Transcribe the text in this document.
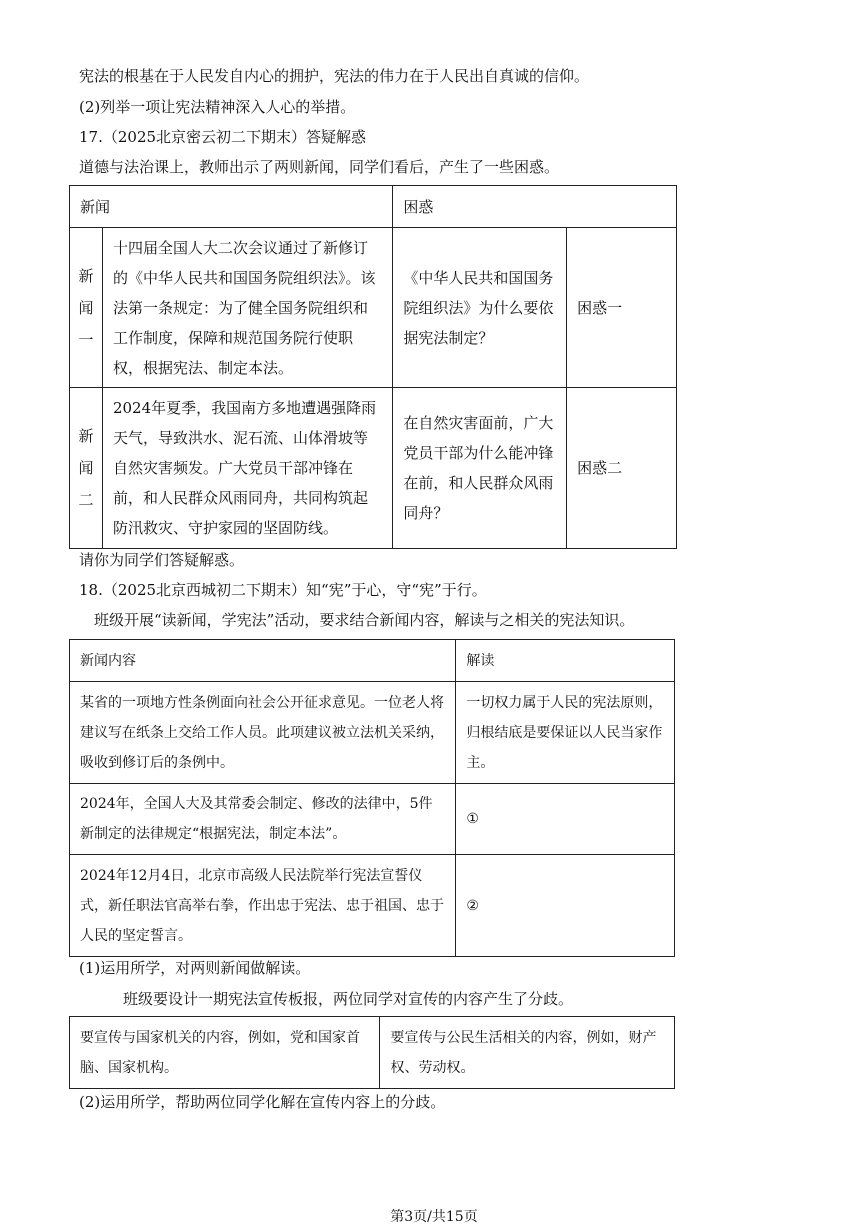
宪法的根基在于人民发自内心的拥护，宪法的伟力在于人民出自真诚的信仰。
(2)列举一项让宪法精神深入人心的举措。
17.（2025北京密云初二下期末）答疑解惑
道德与法治课上，教师出示了两则新闻，同学们看后，产生了一些困惑。
新闻		困惑	
新闻一	十四届全国人大二次会议通过了新修订的《中华人民共和国国务院组织法》。该法第一条规定：为了健全国务院组织和工作制度，保障和规范国务院行使职权，根据宪法、制定本法。	《中华人民共和国国务院组织法》为什么要依据宪法制定？	困惑一
新闻二	2024年夏季，我国南方多地遭遇强降雨天气，导致洪水、泥石流、山体滑坡等自然灾害频发。广大党员干部冲锋在前，和人民群众风雨同舟，共同构筑起防汛救灾、守护家园的坚固防线。	在自然灾害面前，广大党员干部为什么能冲锋在前，和人民群众风雨同舟？	困惑二
请你为同学们答疑解惑。
18.（2025北京西城初二下期末）知“宪”于心，守“宪”于行。
班级开展“读新闻，学宪法”活动，要求结合新闻内容，解读与之相关的宪法知识。
新闻内容	解读
某省的一项地方性条例面向社会公开征求意见。一位老人将建议写在纸条上交给工作人员。此项建议被立法机关采纳，吸收到修订后的条例中。	一切权力属于人民的宪法原则，归根结底是要保证以人民当家作主。
2024年，全国人大及其常委会制定、修改的法律中，5件新制定的法律规定“根据宪法，制定本法”。	①
2024年12月4日，北京市高级人民法院举行宪法宣誓仪式，新任职法官高举右拳，作出忠于宪法、忠于祖国、忠于人民的坚定誓言。	②
(1)运用所学，对两则新闻做解读。
班级要设计一期宪法宣传板报，两位同学对宣传的内容产生了分歧。
要宣传与国家机关的内容，例如，党和国家首脑、国家机构。	要宣传与公民生活相关的内容，例如，财产权、劳动权。
(2)运用所学，帮助两位同学化解在宣传内容上的分歧。
第3页/共15页
